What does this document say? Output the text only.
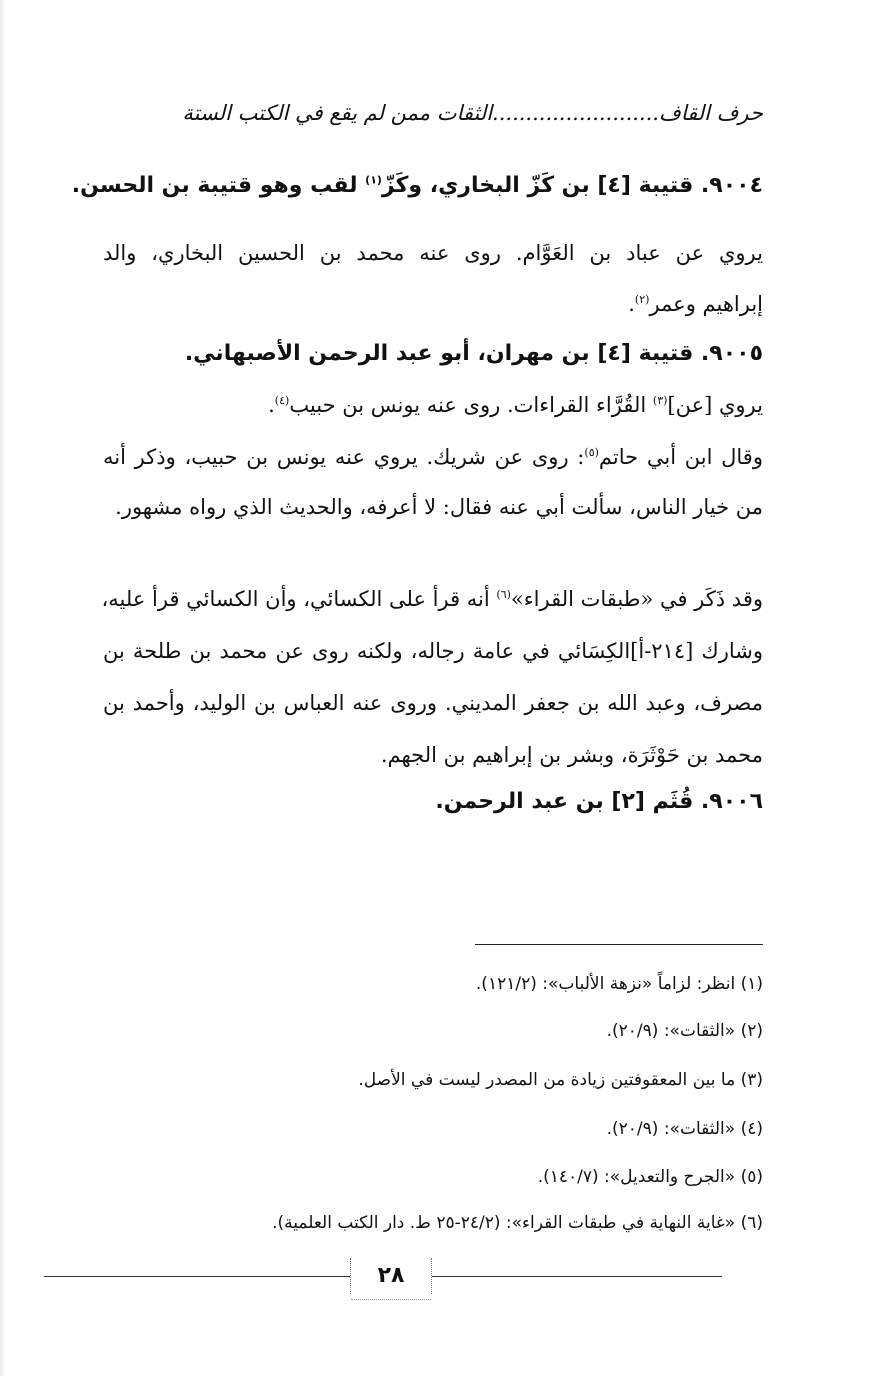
حرف القاف.........................الثقات ممن لم يقع في الكتب الستة
٩٠٠٤. قتيبة [٤] بن كَزّ البخاري، وكَزّ$^{(١)}$ لقب وهو قتيبة بن الحسن.
يروي عن عباد بن العَوَّام. روى عنه محمد بن الحسين البخاري، والد
إبراهيم وعمر$^{(٢)}$.
٩٠٠٥. قتيبة [٤] بن مهران، أبو عبد الرحمن الأصبهاني.
يروي [عن]$^{(٣)}$ القُرَّاء القراءات. روى عنه يونس بن حبيب$^{(٤)}$.
وقال ابن أبي حاتم$^{(٥)}$: روى عن شريك. يروي عنه يونس بن حبيب، وذكر أنه
من خيار الناس، سألت أبي عنه فقال: لا أعرفه، والحديث الذي رواه مشهور.
وقد ذَكَر في «طبقات القراء»$^{(٦)}$ أنه قرأ على الكسائي، وأن الكسائي قرأ عليه،
وشارك [٢١٤-أ]الكِسَائي في عامة رجاله، ولكنه روى عن محمد بن طلحة بن
مصرف، وعبد الله بن جعفر المديني. وروى عنه العباس بن الوليد، وأحمد بن
محمد بن حَوْثَرَة، وبشر بن إبراهيم بن الجهم.
٩٠٠٦. قُثَم [٢] بن عبد الرحمن.
(١) انظر: لزاماً «نزهة الألباب»: (١٢١/٢).
(٢) «الثقات»: (٢٠/٩).
(٣) ما بين المعقوفتين زيادة من المصدر ليست في الأصل.
(٤) «الثقات»: (٢٠/٩).
(٥) «الجرح والتعديل»: (١٤٠/٧).
(٦) «غاية النهاية في طبقات القراء»: (٢٤/٢-٢٥ ط. دار الكتب العلمية).
٢٨
